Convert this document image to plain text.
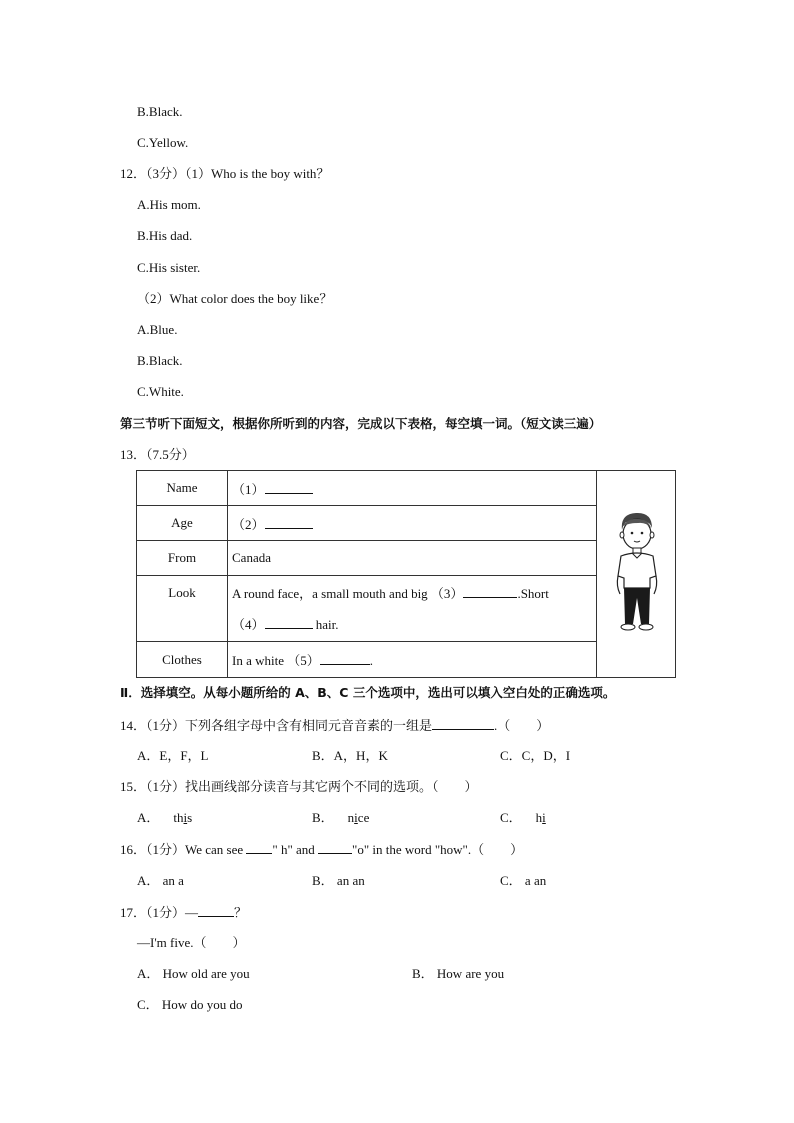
B.Black.
C.Yellow.
12．（3分）（1）Who is the boy with？
A.His mom.
B.His dad.
C.His sister.
（2）What color does the boy like？
A.Blue.
B.Black.
C.White.
第三节听下面短文，根据你所听到的内容，完成以下表格，每空填一词。（短文读三遍）
13．（7.5分）
Name	（1）	
Age	（2）	
From	Canada	
Look	A round face，a small mouth and big （3） .Short
（4） hair.	

Clothes	In a white （5） .	
Ⅱ．选择填空。从每小题所给的 A、B、C 三个选项中，选出可以填入空白处的正确选项。
14．（1分）下列各组字母中含有相同元音音素的一组是	.（　　）
A．E，F，L	B．A，H，K	C．C，D，I
15．（1分）找出画线部分读音与其它两个不同的选项。（　　）
A． this	B． nice	C． hi
16．（1分）We can see " h" and	"o" in the word "how".（　　）
A． an a	B． an an	C． a an
17．（1分）—	？
—I'm five.（　　）
A． How old are you	B． How are you
C． How do you do
